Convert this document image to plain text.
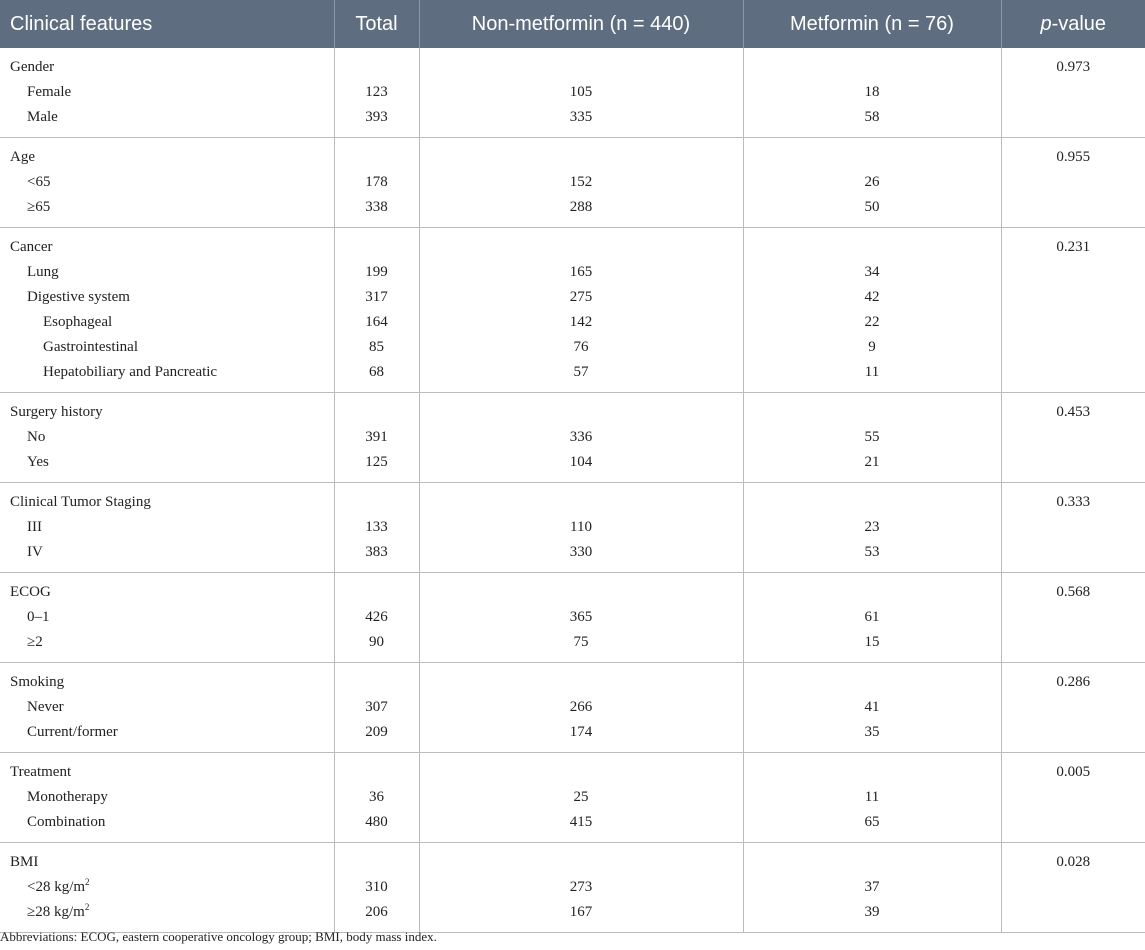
Clinical features	Total	Non-metformin (n = 440)	Metformin (n = 76)	p-value
Gender				0.973
Female	123	105	18	
Male	393	335	58	
Age				0.955
<65	178	152	26	
≥65	338	288	50	
Cancer				0.231
Lung	199	165	34	
Digestive system	317	275	42	
Esophageal	164	142	22	
Gastrointestinal	85	76	9	
Hepatobiliary and Pancreatic	68	57	11	
Surgery history				0.453
No	391	336	55	
Yes	125	104	21	
Clinical Tumor Staging				0.333
III	133	110	23	
IV	383	330	53	
ECOG				0.568
0–1	426	365	61	
≥2	90	75	15	
Smoking				0.286
Never	307	266	41	
Current/former	209	174	35	
Treatment				0.005
Monotherapy	36	25	11	
Combination	480	415	65	
BMI				0.028
<28 $kg/m^2$	310	273	37	
≥28 $kg/m^2$	206	167	39	
Abbreviations: ECOG, eastern cooperative oncology group; BMI, body mass index.
